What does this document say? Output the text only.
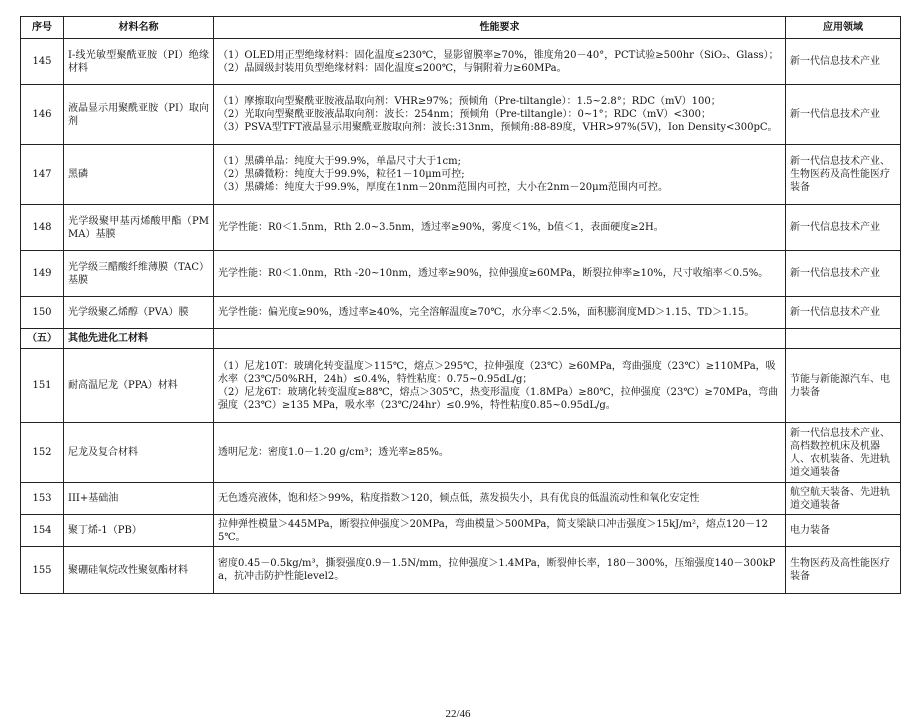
序号	材料名称	性能要求	应用领域
145	I-线光敏型聚酰亚胺（PI）绝缘材料	（1）OLED用正型绝缘材料：固化温度≤230℃，显影留膜率≥70%，锥度角20－40°，PCT试验≥500hr（SiO₂、Glass）；
（2）晶圆级封装用负型绝缘材料：固化温度≤200℃，与铜附着力≥60MPa。	新一代信息技术产业
146	液晶显示用聚酰亚胺（PI）取向剂	（1）摩擦取向型聚酰亚胺液晶取向剂：VHR≥97%；预倾角（Pre-tiltangle）：1.5~2.8°；RDC（mV）100；
（2）光取向型聚酰亚胺液晶取向剂：波长：254nm；预倾角（Pre-tiltangle）：0~1°；RDC（mV）<300；
（3）PSVA型TFT液晶显示用聚酰亚胺取向剂：波长:313nm，预倾角:88-89度，VHR>97%(5V)，Ion Density<300pC。	新一代信息技术产业
147	黑磷	（1）黑磷单晶：纯度大于99.9%，单晶尺寸大于1cm;
（2）黑磷微粉：纯度大于99.9%，粒径1－10μm可控;
（3）黑磷烯：纯度大于99.9%，厚度在1nm－20nm范围内可控，大小在2nm－20μm范围内可控。	新一代信息技术产业、生物医药及高性能医疗装备
148	光学级聚甲基丙烯酸甲酯（PMMA）基膜	光学性能：R0＜1.5nm，Rth 2.0~3.5nm，透过率≥90%，雾度＜1%，b值＜1，表面硬度≥2H。	新一代信息技术产业
149	光学级三醋酸纤维薄膜（TAC）基膜	光学性能：R0＜1.0nm，Rth -20~10nm，透过率≥90%，拉伸强度≥60MPa，断裂拉伸率≥10%，尺寸收缩率＜0.5%。	新一代信息技术产业
150	光学级聚乙烯醇（PVA）膜	光学性能：偏光度≥90%，透过率≥40%，完全溶解温度≥70℃，水分率＜2.5%，面积膨润度MD＞1.15、TD＞1.15。	新一代信息技术产业
（五）	其他先进化工材料		
151	耐高温尼龙（PPA）材料	（1）尼龙10T：玻璃化转变温度＞115℃，熔点＞295℃，拉伸强度（23℃）≥60MPa，弯曲强度（23℃）≥110MPa，吸水率（23℃/50%RH，24h）≤0.4%，特性粘度：0.75~0.95dL/g；
（2）尼龙6T：玻璃化转变温度≥88℃，熔点＞305℃，热变形温度（1.8MPa）≥80℃，拉伸强度（23℃）≥70MPa，弯曲强度（23℃）≥135 MPa，吸水率（23℃/24hr）≤0.9%，特性粘度0.85~0.95dL/g。	节能与新能源汽车、电力装备
152	尼龙及复合材料	透明尼龙：密度1.0－1.20 g/cm³；透光率≥85%。	新一代信息技术产业、高档数控机床及机器人、农机装备、先进轨道交通装备
153	III+基础油	无色透亮液体，饱和烃＞99%，粘度指数＞120，倾点低，蒸发损失小，具有优良的低温流动性和氧化安定性	航空航天装备、先进轨道交通装备
154	聚丁烯-1（PB）	拉伸弹性模量＞445MPa，断裂拉伸强度＞20MPa，弯曲模量＞500MPa，简支梁缺口冲击强度＞15kJ/m²，熔点120－125℃。	电力装备
155	聚硼硅氧烷改性聚氨酯材料	密度0.45－0.5kg/m³，撕裂强度0.9－1.5N/mm，拉伸强度＞1.4MPa，断裂伸长率，180－300%，压缩强度140－300kPa，抗冲击防护性能level2。	生物医药及高性能医疗装备
22/46
